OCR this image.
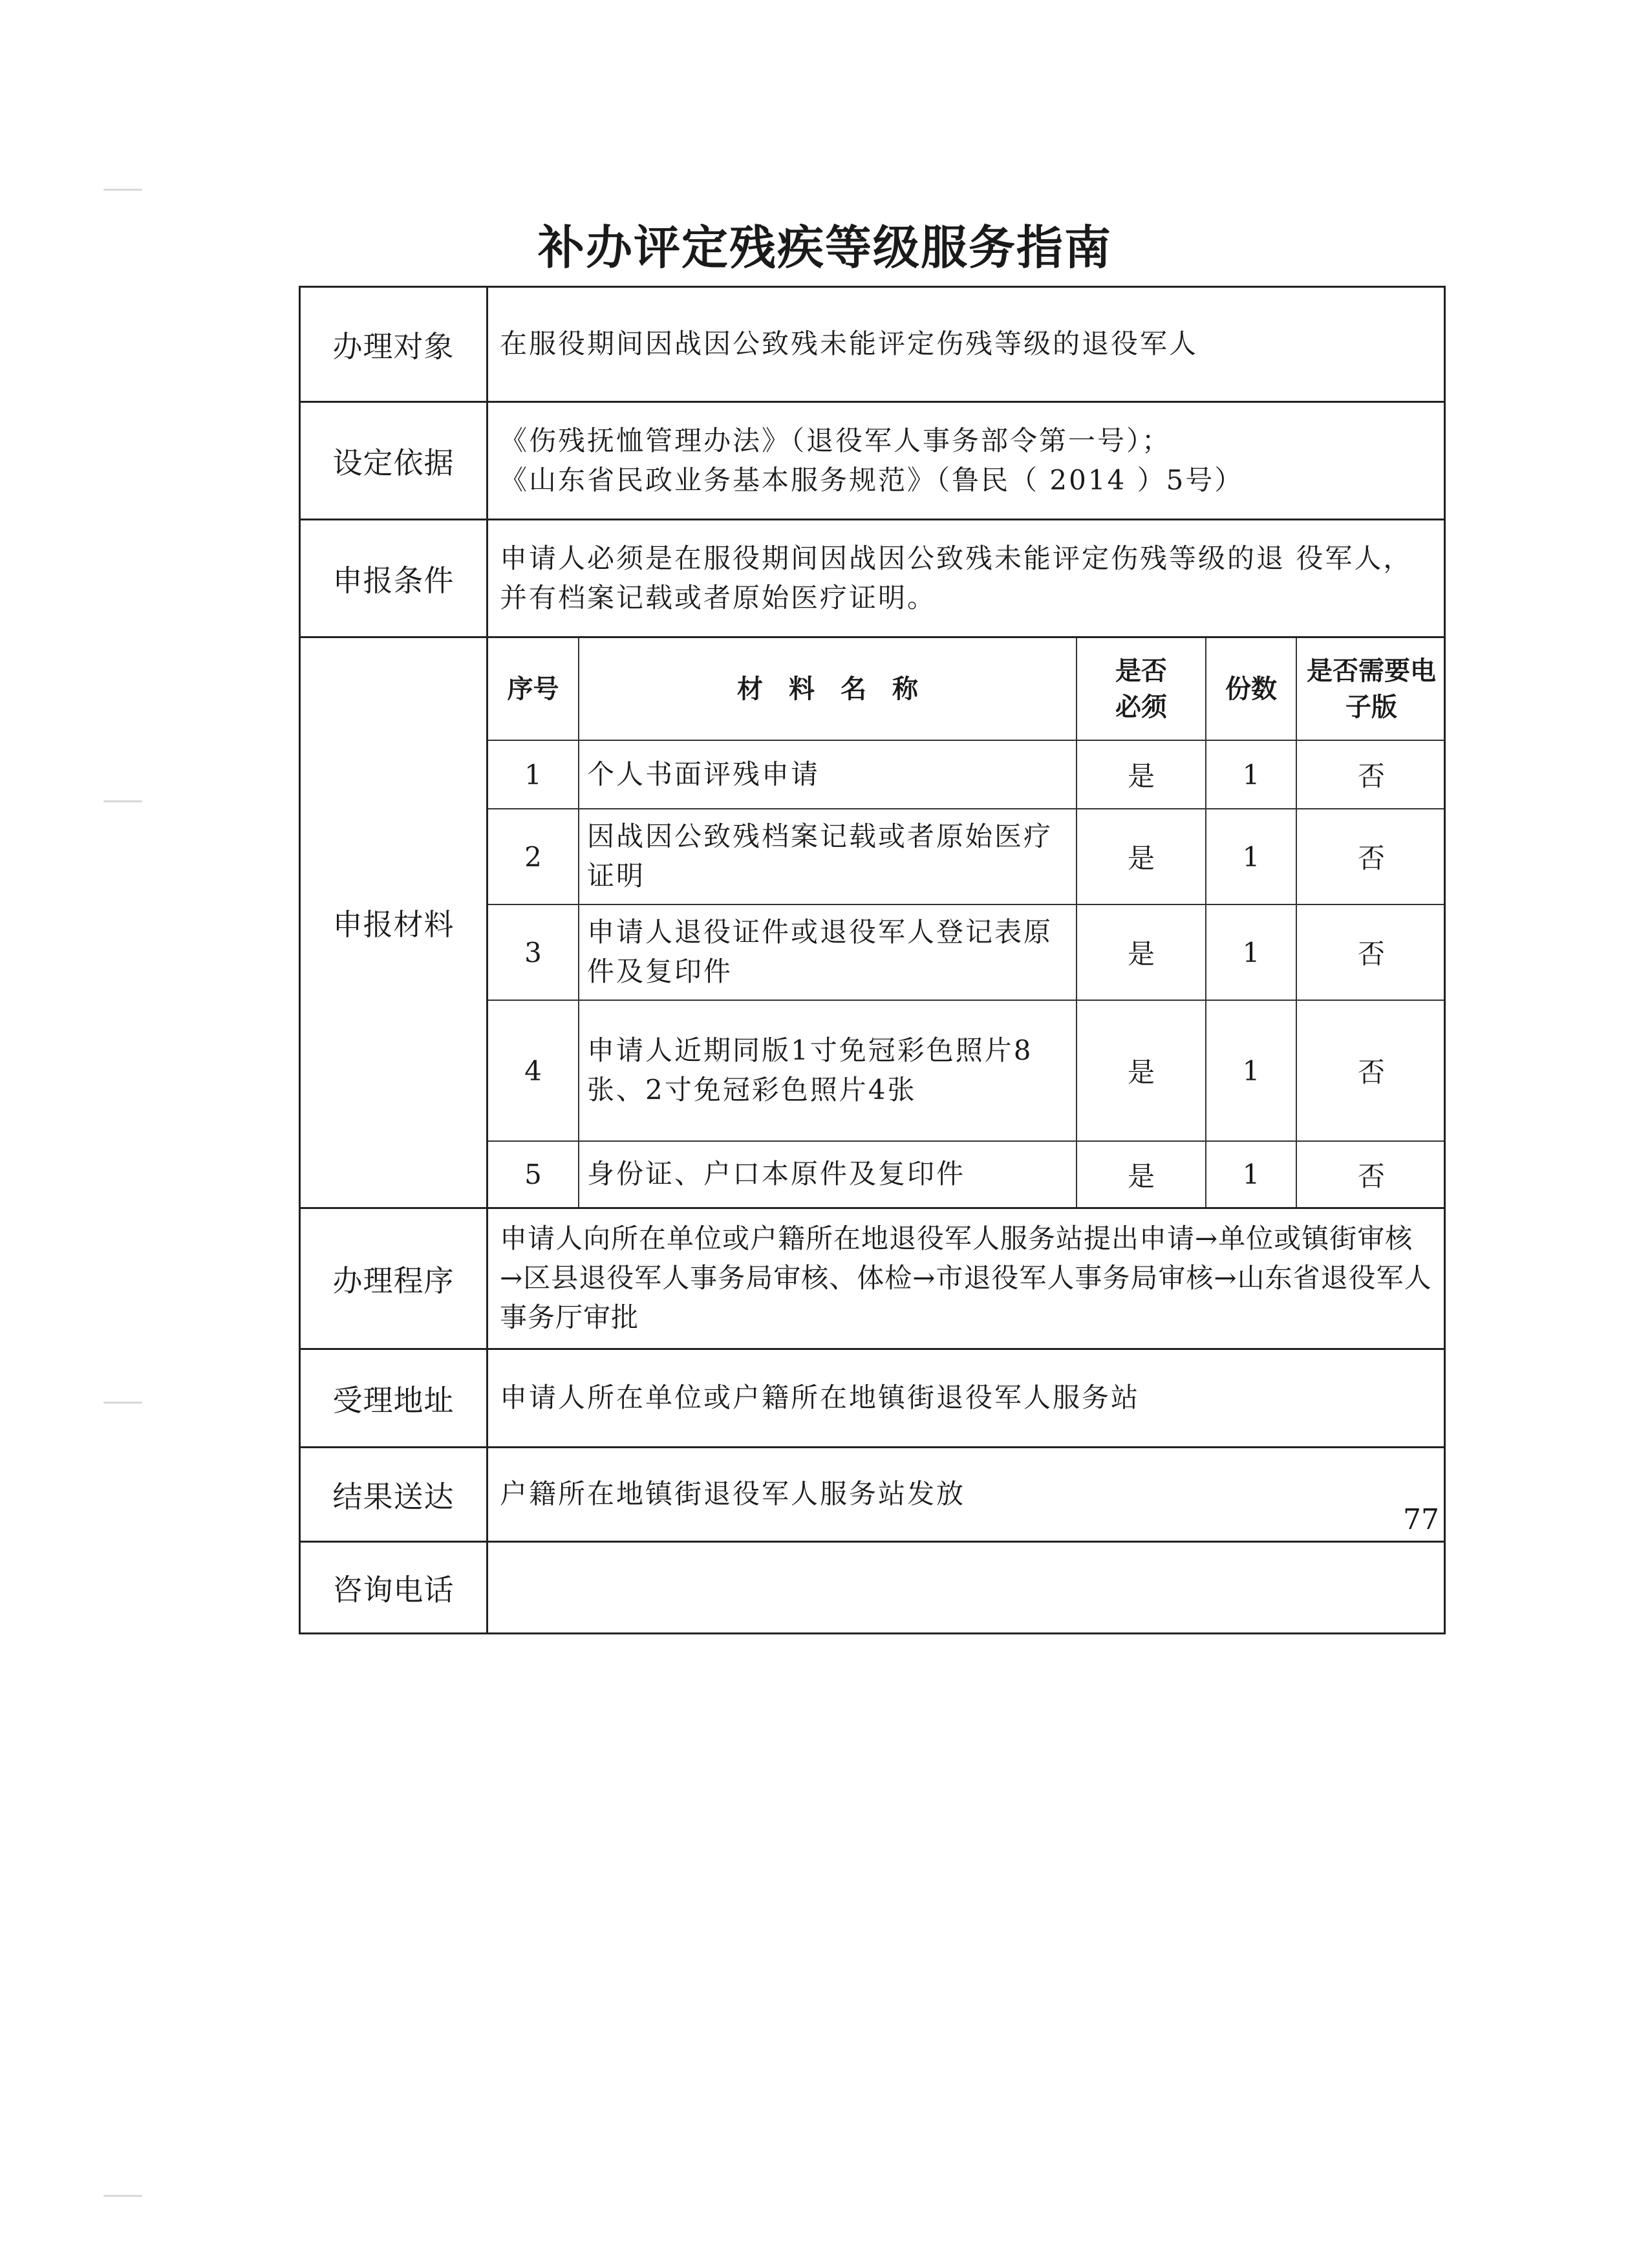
补办评定残疾等级服务指南
办理对象	在服役期间因战因公致残未能评定伤残等级的退役军人
设定依据	
《伤残抚恤管理办法》（退役军人事务部令第一号）；
《山东省民政业务基本服务规范》（鲁民（ 2014 ）5号）

申报条件	申请人必须是在服役期间因战因公致残未能评定伤残等级的退 役军人，并有档案记载或者原始医疗证明。
申报材料	
序号	材　料　名　称	是否必须	份数	是否需要电子版
1	个人书面评残申请	是	1	否
2	因战因公致残档案记载或者原始医疗证明	是	1	否
3	申请人退役证件或退役军人登记表原件及复印件	是	1	否
4	申请人近期同版1寸免冠彩色照片8张、2寸免冠彩色照片4张	是	1	否
5	身份证、户口本原件及复印件	是	1	否

办理程序	申请人向所在单位或户籍所在地退役军人服务站提出申请→单位或镇街审核→区县退役军人事务局审核、体检→市退役军人事务局审核→山东省退役军人事务厅审批
受理地址	申请人所在单位或户籍所在地镇街退役军人服务站
结果送达	户籍所在地镇街退役军人服务站发放
咨询电话	
77
